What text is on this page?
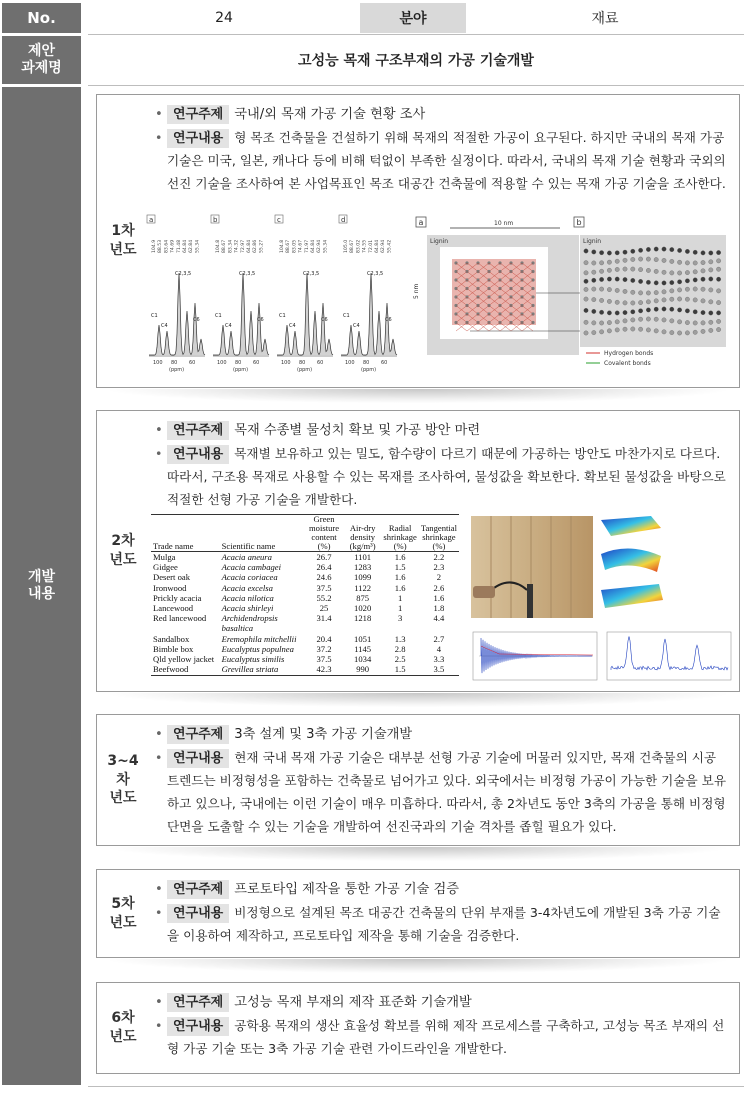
No.	24	분야	재료
제안
과제명	고성능 목재 구조부재의 가공 기술개발
개발
내용
1차
년도
• 연구주제 국내/외 목재 가공 기술 현황 조사
• 연구내용 형 목조 건축물을 건설하기 위해 목재의 적절한 가공이 요구된다. 하지만 국내의 목재 가공 기술은 미국, 일본, 캐나다 등에 비해 턱없이 부족한 실정이다. 따라서, 국내의 목재 기술 현황과 국외의 선진 기술을 조사하여 본 사업목표인 목조 대공간 건축물에 적용할 수 있는 목재 가공 기술을 조사한다.
a
104.9 88.53 83.64 74.69 71.48 64.84 62.84 55.34
C2,3,5
C1
C4
C6
100 80 60
(ppm)
b
104.8 88.67 83.34 74.32 72.97 64.84 62.86 55.27
C2,3,5
C1
C4
C6
100 80 60
(ppm)
c
104.8 88.67 83.05 74.67 71.97 64.84 62.94 55.34
C2,3,5
C1
C4
C6
100 80 60
(ppm)
d
105.0 88.67 83.02 74.55 72.01 64.84 62.94 55.42
C2,3,5
C1
C4
C6
100 80 60
(ppm)
a	10 nm
Lignin
5 nm
b
Lignin
Hydrogen bonds
Covalent bonds
2차
년도
• 연구주제 목재 수종별 물성치 확보 및 가공 방안 마련
• 연구내용 목재별 보유하고 있는 밀도, 함수량이 다르기 때문에 가공하는 방안도 마찬가지로 다르다. 따라서, 구조용 목재로 사용할 수 있는 목재를 조사하여, 물성값을 확보한다. 확보된 물성값을 바탕으로 적절한 선형 가공 기술을 개발한다.
Trade name	Scientific name	Green moisture content (%)	Air-dry density (kg/m³)	Radial shrinkage (%)	Tangential shrinkage (%)
Mulga	Acacia aneura	26.7	1101	1.6	2.2
Gidgee	Acacia cambagei	26.4	1283	1.5	2.3
Desert oak	Acacia coriacea	24.6	1099	1.6	2
Ironwood	Acacia excelsa	37.5	1122	1.6	2.6
Prickly acacia	Acacia nilotica	55.2	875	1	1.6
Lancewood	Acacia shirleyi	25	1020	1	1.8
Red lancewood	Archidendropsis basaltica	31.4	1218	3	4.4
Sandalbox	Eremophila mitchellii	20.4	1051	1.3	2.7
Bimble box	Eucalyptus populnea	37.2	1145	2.8	4
Qld yellow jacket	Eucalyptus similis	37.5	1034	2.5	3.3
Beefwood	Grevillea striata	42.3	990	1.5	3.5
3~4
차
년도
• 연구주제 3축 설계 및 3축 가공 기술개발
• 연구내용 현재 국내 목재 가공 기술은 대부분 선형 가공 기술에 머물러 있지만, 목재 건축물의 시공 트렌드는 비정형성을 포함하는 건축물로 넘어가고 있다. 외국에서는 비정형 가공이 가능한 기술을 보유하고 있으나, 국내에는 이런 기술이 매우 미흡하다. 따라서, 총 2차년도 동안 3축의 가공을 통해 비정형 단면을 도출할 수 있는 기술을 개발하여 선진국과의 기술 격차를 좁힐 필요가 있다.
5차
년도
• 연구주제 프로토타입 제작을 통한 가공 기술 검증
• 연구내용 비정형으로 설계된 목조 대공간 건축물의 단위 부재를 3-4차년도에 개발된 3축 가공 기술을 이용하여 제작하고, 프로토타입 제작을 통해 기술을 검증한다.
6차
년도
• 연구주제 고성능 목재 부재의 제작 표준화 기술개발
• 연구내용 공학용 목재의 생산 효율성 확보를 위해 제작 프로세스를 구축하고, 고성능 목조 부재의 선형 가공 기술 또는 3축 가공 기술 관련 가이드라인을 개발한다.
